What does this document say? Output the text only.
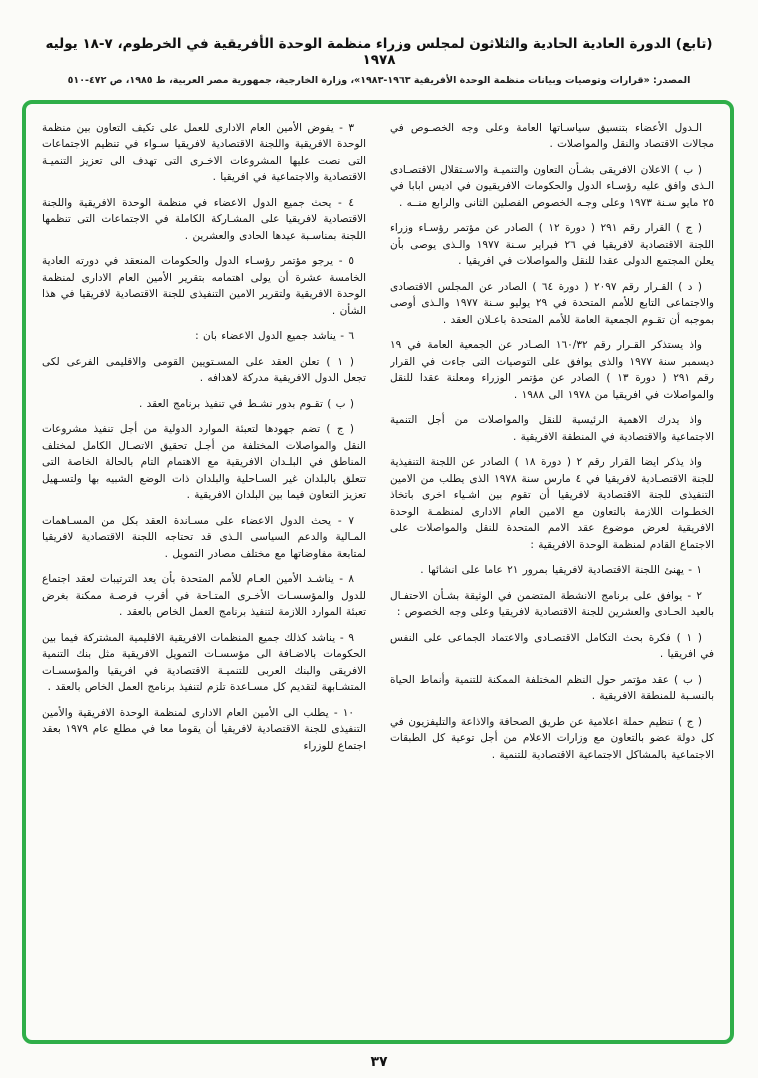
(تابع) الدورة العادية الحادية والثلاثون لمجلس وزراء منظمة الوحدة الأفريقية في الخرطوم، ٧-١٨ يوليه ١٩٧٨
المصدر: «قرارات وتوصيات وبيانات منظمة الوحدة الأفريقية ١٩٦٣-١٩٨٣»، وزارة الخارجية، جمهورية مصر العربية، ط ١٩٨٥، ص ٤٧٢-٥١٠

الـدول الأعضاء بتنسيق سياسـاتها العامة وعلى وجه الخصـوص في مجالات الاقتصاد والنقل والمواصلات .

( ب ) الاعلان الافريقى بشـأن التعاون والتنميـة والاسـتقلال الاقتصـادى الـذى وافق عليه رؤسـاء الدول والحكومات الافريقيون في اديس ابابا في ٢٥ مايو سـنة ١٩٧٣ وعلى وجـه الخصوص الفصلين الثانى والرابع منــه .

( ج ) القرار رقم ٢٩١ ( دورة ١٢ ) الصادر عن مؤتمر رؤسـاء وزراء اللجنة الاقتصادية لافريقيا في ٢٦ فبراير سـنة ١٩٧٧ والـذى يوصى بأن يعلن المجتمع الدولى عقدا للنقل والمواصلات في افريقيا .

( د ) القـرار رقم ٢٠٩٧ ( دورة ٦٤ ) الصادر عن المجلس الاقتصادى والاجتماعى التابع للأمم المتحدة في ٢٩ يوليو سـنة ١٩٧٧ والـذى أوصى بموجبه أن تقـوم الجمعية العامة للأمم المتحدة باعـلان العقد .

واذ يستذكر القـرار رقم ١٦٠/٣٢ الصـادر عن الجمعية العامة في ١٩ ديسمبر سنة ١٩٧٧ والذى يوافق على التوصيات التى جاءت في القرار رقم ٢٩١ ( دورة ١٣ ) الصادر عن مؤتمر الوزراء ومعلنة عقدا للنقل والمواصلات في افريقيا من ١٩٧٨ الى ١٩٨٨ .

واذ يدرك الاهمية الرئيسية للنقل والمواصلات من أجل التنمية الاجتماعية والاقتصادية في المنطقة الافريقية .

واذ يذكر ايضا القرار رقم ٢ ( دورة ١٨ ) الصادر عن اللجنة التنفيذية للجنة الاقتصـادية لافريقيا في ٤ مارس سنة ١٩٧٨ الذى يطلب من الامين التنفيذى للجنة الاقتصادية لافريقيا أن تقوم بين اشـياء اخرى باتخاذ الخطـوات اللازمة بالتعاون مع الامين العام الادارى لمنظمـة الوحدة الافريقية لعرض موضوع عقد الامم المتحدة للنقل والمواصلات على الاجتماع القادم لمنظمة الوحدة الافريقية :

١ - يهنئ اللجنة الاقتصادية لافريقيا بمرور ٢١ عاما على انشائها .

٢ - يوافق على برنامج الانشطة المتضمن في الوثيقة بشـأن الاحتفـال بالعيد الحـادى والعشرين للجنة الاقتصادية لافريقيا وعلى وجه الخصوص :

( ١ ) فكرة بحث التكامل الاقتصـادى والاعتماد الجماعى على النفس في افريقيا .

( ب ) عقد مؤتمر حول النظم المختلفة الممكنة للتنمية وأنماط الحياة بالنسـبة للمنطقة الافريقية .

( ج ) تنظيم حملة اعلامية عن طريق الصحافة والاذاعة والتليفزيون في كل دولة عضو بالتعاون مع وزارات الاعلام من أجل توعية كل الطبقات الاجتماعية بالمشاكل الاجتماعية الاقتصادية للتنمية .

٣ - يفوض الأمين العام الادارى للعمل على تكيف التعاون بين منظمة الوحدة الافريقية واللجنة الاقتصادية لافريقيا سـواء في تنظيم الاجتماعات التى نصت عليها المشروعات الاخـرى التى تهدف الى تعزيز التنميـة الاقتصادية والاجتماعية في افريقيا .

٤ - يحث جميع الدول الاعضاء في منظمة الوحدة الافريقية واللجنة الاقتصادية لافريقيا على المشـاركة الكاملة في الاجتماعات التى تنظمها اللجنة بمناسـبة عيدها الحادى والعشرين .

٥ - يرجو مؤتمر رؤسـاء الدول والحكومات المنعقد في دورته العادية الخامسة عشرة أن يولى اهتمامه بتقرير الأمين العام الادارى لمنظمة الوحدة الافريقية ولتقرير الامين التنفيذى للجنة الاقتصادية لافريقيا في هذا الشأن .

٦ - يناشد جميع الدول الاعضاء بان :

( ١ ) تعلن العقد على المسـتويين القومى والاقليمى الفرعى لكى تجعل الدول الافريقية مدركة لاهدافه .

( ب ) تقـوم بدور نشـط في تنفيذ برنامج العقد .

( ج ) تضم جهودها لتعبئة الموارد الدولية من أجل تنفيذ مشروعات النقل والمواصلات المختلفة من أجـل تحقيق الاتصـال الكامل لمختلف المناطق في البلـدان الافريقية مع الاهتمام التام بالحالة الخاصة التى تتعلق بالبلدان غير السـاحلية والبلدان ذات الوضع الشبيه بها ولتسـهيل تعزيز التعاون فيما بين البلدان الافريقية .

٧ - يحث الدول الاعضاء على مسـاندة العقد بكل من المسـاهمات المـالية والدعم السياسى الـذى قد تحتاجه اللجنة الاقتصادية لافريقيا لمتابعة مفاوضاتها مع مختلف مصادر التمويل .

٨ - يناشـد الأمين العـام للأمم المتحدة بأن يعد الترتيبات لعقد اجتماع للدول والمؤسسـات الأخـرى المتـاحة في أقرب فرصـة ممكنة بغرض تعبئة الموارد اللازمة لتنفيذ برنامج العمل الخاص بالعقد .

٩ - يناشد كذلك جميع المنظمات الافريقية الاقليمية المشتركة فيما بين الحكومات بالاضـافة الى مؤسسـات التمويل الافريقية مثل بنك التنمية الافريقى والبنك العربى للتنميـة الاقتصادية في افريقيا والمؤسسـات المتشـابهة لتقديم كل مسـاعدة تلزم لتنفيذ برنامج العمل الخاص بالعقد .

١٠ - يطلب الى الأمين العام الادارى لمنظمة الوحدة الافريقية والأمين التنفيذى للجنة الاقتصادية لافريقيا أن يقوما معا في مطلع عام ١٩٧٩ بعقد اجتماع للوزراء

٣٧
